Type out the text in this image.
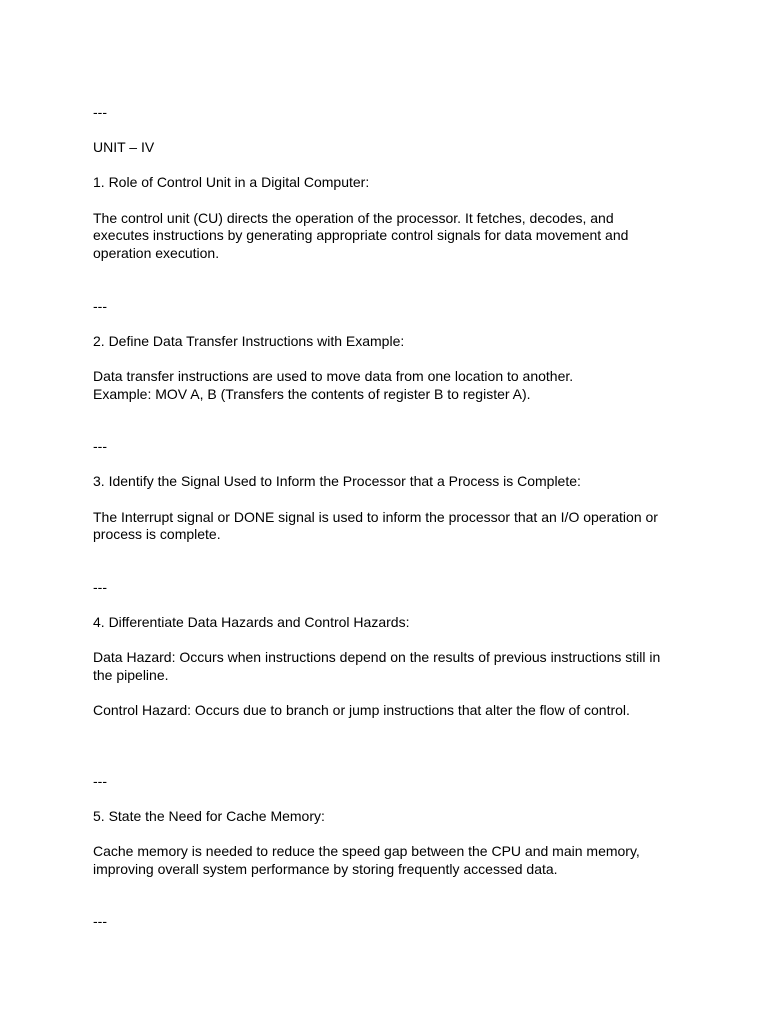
---

UNIT – IV

1. Role of Control Unit in a Digital Computer:

The control unit (CU) directs the operation of the processor. It fetches, decodes, and
executes instructions by generating appropriate control signals for data movement and
operation execution.

---

2. Define Data Transfer Instructions with Example:

Data transfer instructions are used to move data from one location to another.
Example: MOV A, B (Transfers the contents of register B to register A).

---

3. Identify the Signal Used to Inform the Processor that a Process is Complete:

The Interrupt signal or DONE signal is used to inform the processor that an I/O operation or
process is complete.

---

4. Differentiate Data Hazards and Control Hazards:

Data Hazard: Occurs when instructions depend on the results of previous instructions still in
the pipeline.

Control Hazard: Occurs due to branch or jump instructions that alter the flow of control.

---

5. State the Need for Cache Memory:

Cache memory is needed to reduce the speed gap between the CPU and main memory,
improving overall system performance by storing frequently accessed data.

---
